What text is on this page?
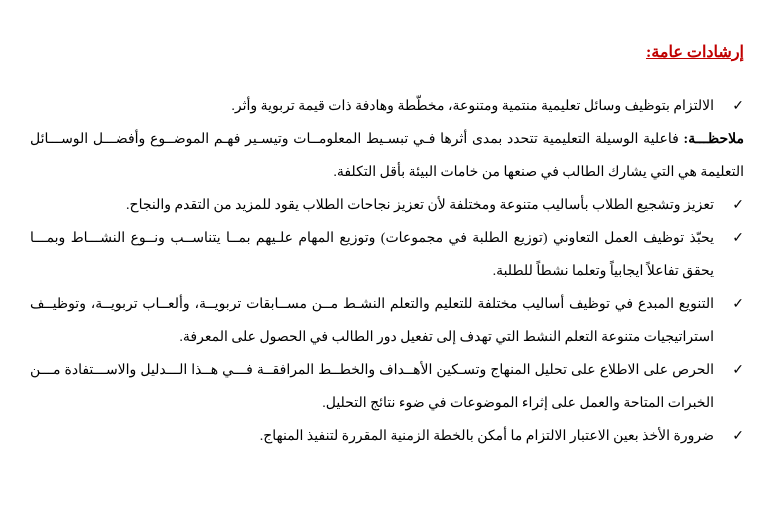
إرشادات عامة:
✓
الالتزام بتوظيف وسائل تعليمية منتمية ومتنوعة، مخطّطة وهادفة ذات قيمة تربوية وأثر.
ملاحظـــة: فاعلية الوسيلة التعليمية تتحدد بمدى أثرها فـي تبسـيط المعلومــات وتيسـير فهـم الموضــوع وأفضـــل الوســـائل التعليمة هي التي يشارك الطالب في صنعها من خامات البيئة بأقل التكلفة.
✓
تعزيز وتشجيع الطلاب بأساليب متنوعة ومختلفة لأن تعزيز نجاحات الطلاب يقود للمزيد من التقدم والنجاح.
✓
يحبّذ توظيف العمل التعاوني (توزيع الطلبة في مجموعات) وتوزيع المهام علـيهم بمــا يتناســب ونــوع النشـــاط وبمـــا يحقق تفاعلاً ايجابياً وتعلما نشطاً للطلبة.
✓
التنويع المبدع في توظيف أساليب مختلفة للتعليم والتعلم النشـط مــن مســابقات تربويــة، وألعــاب تربويــة، وتوظيــف استراتيجيات متنوعة التعلم النشط التي تهدف إلى تفعيل دور الطالب في الحصول على المعرفة.
✓
الحرص على الاطلاع على تحليل المنهاج وتسـكين الأهــداف والخطــط المرافقــة فـــي هــذا الـــدليل والاســـتفادة مـــن الخبرات المتاحة والعمل على إثراء الموضوعات في ضوء نتائج التحليل.
✓
ضرورة الأخذ بعين الاعتبار الالتزام ما أمكن بالخطة الزمنية المقررة لتنفيذ المنهاج.
